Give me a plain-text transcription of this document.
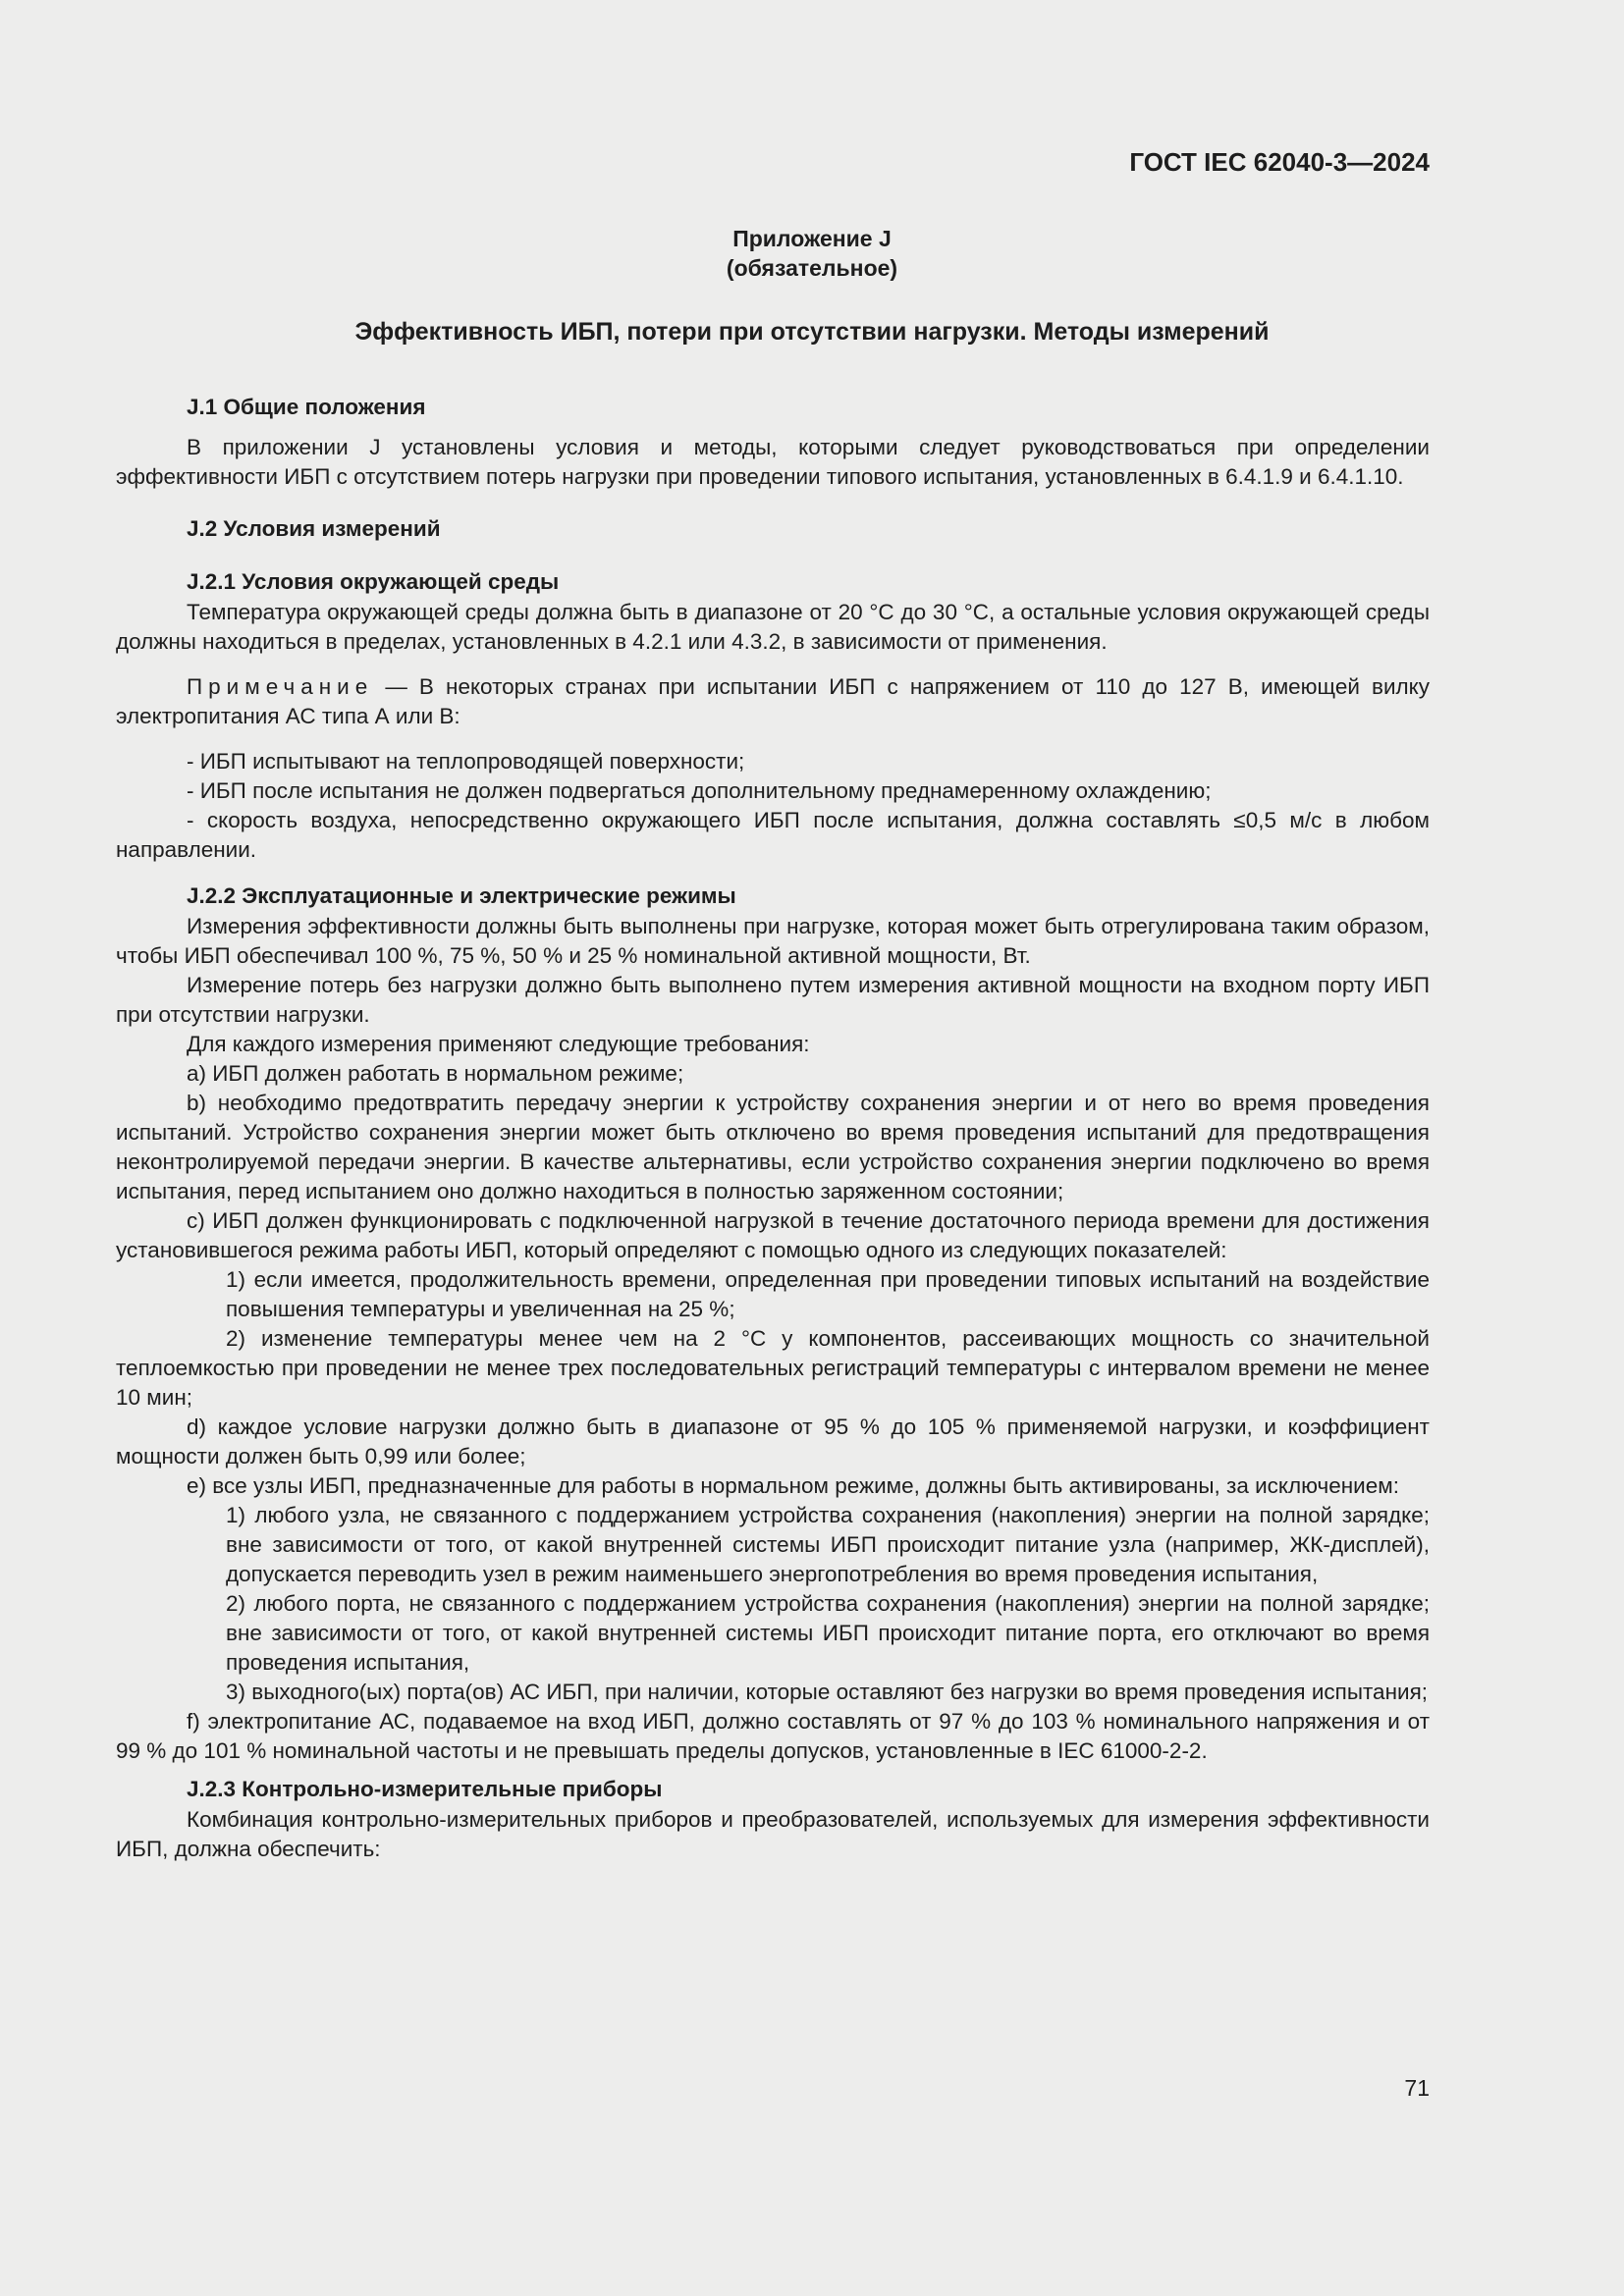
ГОСТ IEC 62040-3—2024
Приложение J
(обязательное)
Эффективность ИБП, потери при отсутствии нагрузки. Методы измерений
J.1 Общие положения

В приложении J установлены условия и методы, которыми следует руководствоваться при определении эффективности ИБП с отсутствием потерь нагрузки при проведении типового испытания, установленных в 6.4.1.9 и 6.4.1.10.

J.2 Условия измерений
J.2.1 Условия окружающей среды

Температура окружающей среды должна быть в диапазоне от 20 °С до 30 °С, а остальные условия окружающей среды должны находиться в пределах, установленных в 4.2.1 или 4.3.2, в зависимости от применения.

Примечание — В некоторых странах при испытании ИБП с напряжением от 110 до 127 В, имеющей вилку электропитания АС типа А или В:

- ИБП испытывают на теплопроводящей поверхности;

- ИБП после испытания не должен подвергаться дополнительному преднамеренному охлаждению;

- скорость воздуха, непосредственно окружающего ИБП после испытания, должна составлять ≤0,5 м/с в любом направлении.

J.2.2 Эксплуатационные и электрические режимы

Измерения эффективности должны быть выполнены при нагрузке, которая может быть отрегулирована таким образом, чтобы ИБП обеспечивал 100 %, 75 %, 50 % и 25 % номинальной активной мощности, Вт.

Измерение потерь без нагрузки должно быть выполнено путем измерения активной мощности на входном порту ИБП при отсутствии нагрузки.

Для каждого измерения применяют следующие требования:

а) ИБП должен работать в нормальном режиме;

b) необходимо предотвратить передачу энергии к устройству сохранения энергии и от него во время проведения испытаний. Устройство сохранения энергии может быть отключено во время проведения испытаний для предотвращения неконтролируемой передачи энергии. В качестве альтернативы, если устройство сохранения энергии подключено во время испытания, перед испытанием оно должно находиться в полностью заряженном состоянии;

с) ИБП должен функционировать с подключенной нагрузкой в течение достаточного периода времени для достижения установившегося режима работы ИБП, который определяют с помощью одного из следующих показателей:

1) если имеется, продолжительность времени, определенная при проведении типовых испытаний на воздействие повышения температуры и увеличенная на 25 %;

2) изменение температуры менее чем на 2 °С у компонентов, рассеивающих мощность со значительной теплоемкостью при проведении не менее трех последовательных регистраций температуры с интервалом времени не менее 10 мин;

d) каждое условие нагрузки должно быть в диапазоне от 95 % до 105 % применяемой нагрузки, и коэффициент мощности должен быть 0,99 или более;

е) все узлы ИБП, предназначенные для работы в нормальном режиме, должны быть активированы, за исключением:

1) любого узла, не связанного с поддержанием устройства сохранения (накопления) энергии на полной зарядке; вне зависимости от того, от какой внутренней системы ИБП происходит питание узла (например, ЖК-дисплей), допускается переводить узел в режим наименьшего энергопотребления во время проведения испытания,

2) любого порта, не связанного с поддержанием устройства сохранения (накопления) энергии на полной зарядке; вне зависимости от того, от какой внутренней системы ИБП происходит питание порта, его отключают во время проведения испытания,

3) выходного(ых) порта(ов) АС ИБП, при наличии, которые оставляют без нагрузки во время проведения испытания;

f) электропитание АС, подаваемое на вход ИБП, должно составлять от 97 % до 103 % номинального напряжения и от 99 % до 101 % номинальной частоты и не превышать пределы допусков, установленные в IEC 61000-2-2.

J.2.3 Контрольно-измерительные приборы

Комбинация контрольно-измерительных приборов и преобразователей, используемых для измерения эффективности ИБП, должна обеспечить:

71
